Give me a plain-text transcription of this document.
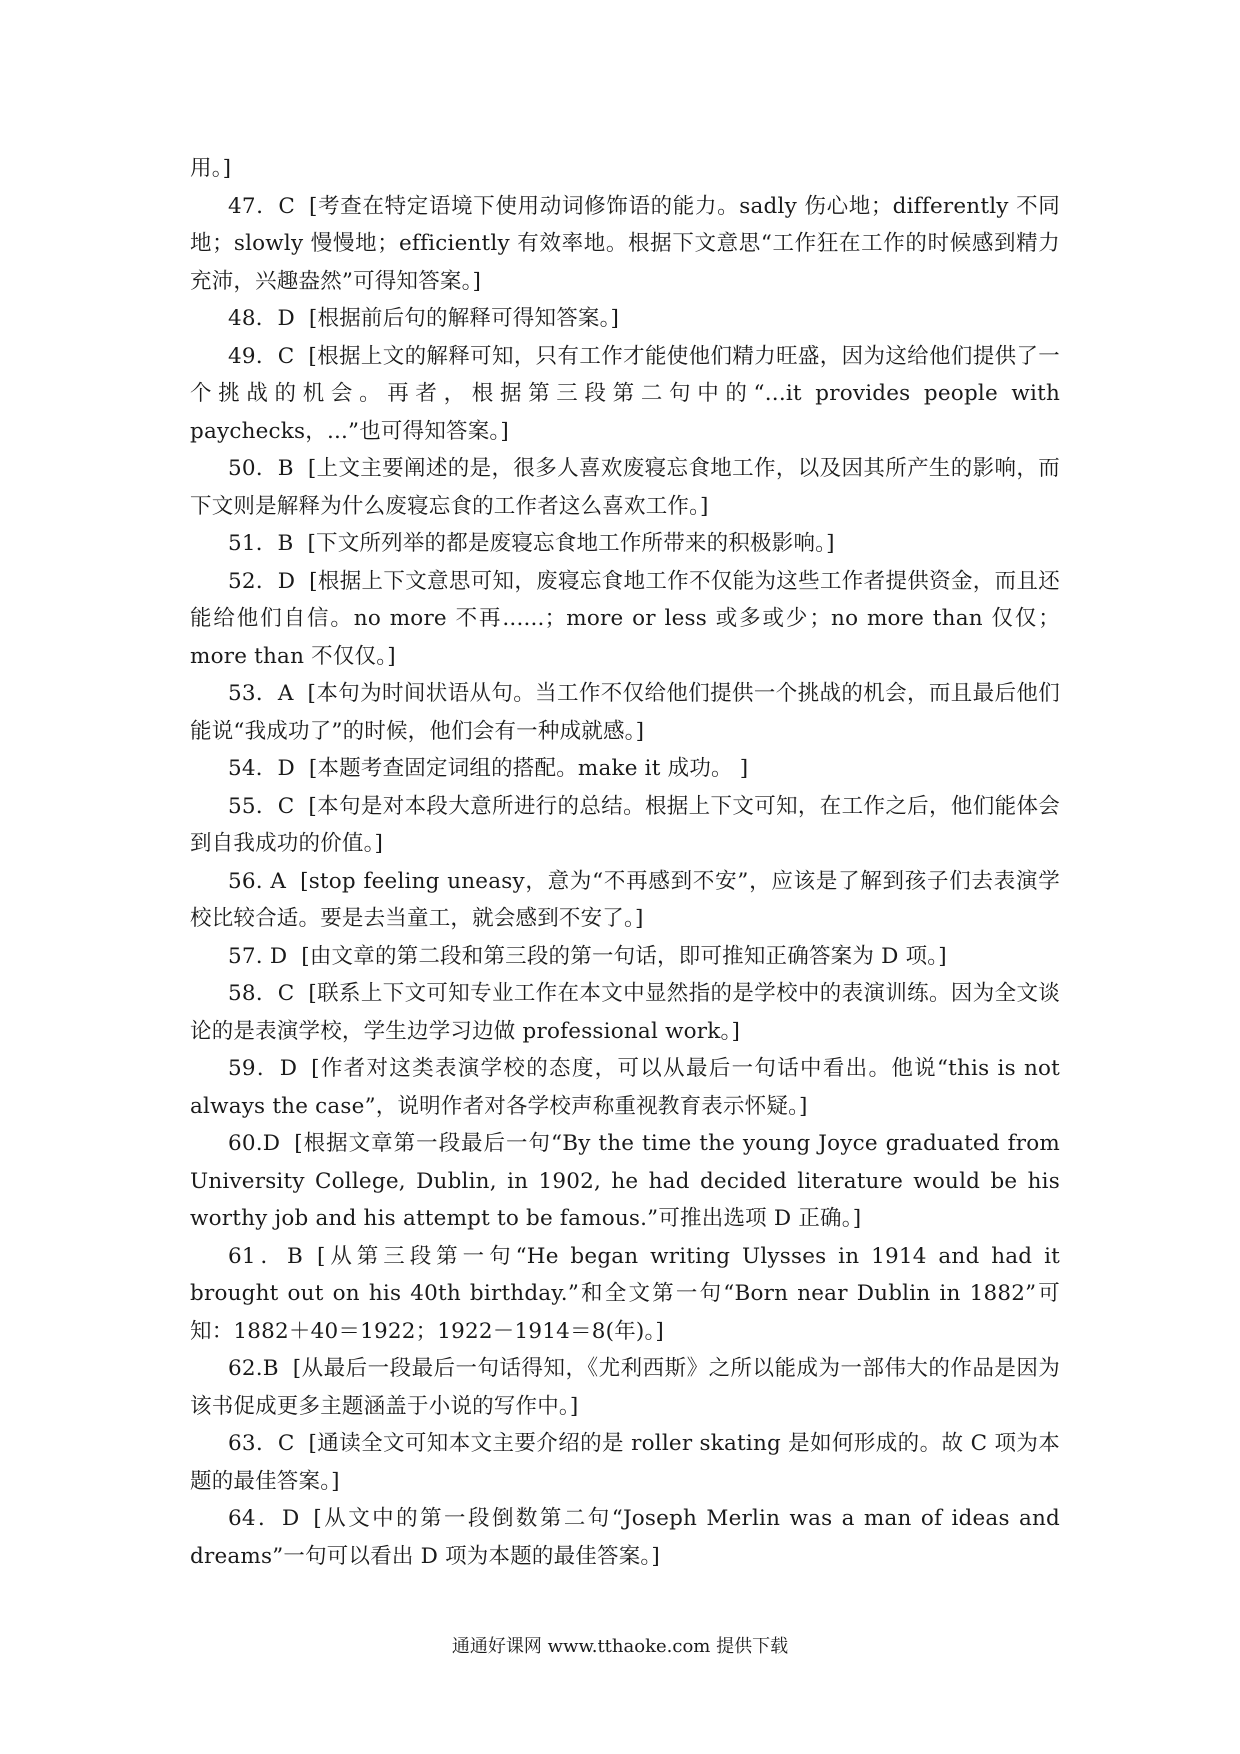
用。]

47．C [考查在特定语境下使用动词修饰语的能力。sadly 伤心地；differently 不同地；slowly 慢慢地；efficiently 有效率地。根据下文意思“工作狂在工作的时候感到精力充沛，兴趣盎然”可得知答案。]

48．D [根据前后句的解释可得知答案。]

49．C [根据上文的解释可知，只有工作才能使他们精力旺盛，因为这给他们提供了一个挑战的机会。再者，根据第三段第二句中的“...it provides people with paychecks，...”也可得知答案。]

50．B [上文主要阐述的是，很多人喜欢废寝忘食地工作，以及因其所产生的影响，而下文则是解释为什么废寝忘食的工作者这么喜欢工作。]

51．B [下文所列举的都是废寝忘食地工作所带来的积极影响。]

52．D [根据上下文意思可知，废寝忘食地工作不仅能为这些工作者提供资金，而且还能给他们自信。no more 不再......；more or less 或多或少；no more than 仅仅；more than 不仅仅。]

53．A [本句为时间状语从句。当工作不仅给他们提供一个挑战的机会，而且最后他们能说“我成功了”的时候，他们会有一种成就感。]

54．D [本题考查固定词组的搭配。make it 成功。 ]

55．C [本句是对本段大意所进行的总结。根据上下文可知，在工作之后，他们能体会到自我成功的价值。]

56. A [stop feeling uneasy，意为“不再感到不安”，应该是了解到孩子们去表演学校比较合适。要是去当童工，就会感到不安了。]

57. D [由文章的第二段和第三段的第一句话，即可推知正确答案为 D 项。]

58．C [联系上下文可知专业工作在本文中显然指的是学校中的表演训练。因为全文谈论的是表演学校，学生边学习边做 professional work。]

59．D [作者对这类表演学校的态度，可以从最后一句话中看出。他说“this is not always the case”，说明作者对各学校声称重视教育表示怀疑。]

60.D [根据文章第一段最后一句“By the time the young Joyce graduated from University College, Dublin, in 1902, he had decided literature would be his worthy job and his attempt to be famous.”可推出选项 D 正确。]

61．B [从第三段第一句“He began writing Ulysses in 1914 and had it brought out on his 40th birthday.”和全文第一句“Born near Dublin in 1882”可知：1882＋40＝1922；1922－1914＝8(年)。]

62.B [从最后一段最后一句话得知，《尤利西斯》之所以能成为一部伟大的作品是因为该书促成更多主题涵盖于小说的写作中。]

63．C [通读全文可知本文主要介绍的是 roller skating 是如何形成的。故 C 项为本题的最佳答案。]

64．D [从文中的第一段倒数第二句“Joseph Merlin was a man of ideas and dreams”一句可以看出 D 项为本题的最佳答案。]

通通好课网 www.tthaoke.com 提供下载
